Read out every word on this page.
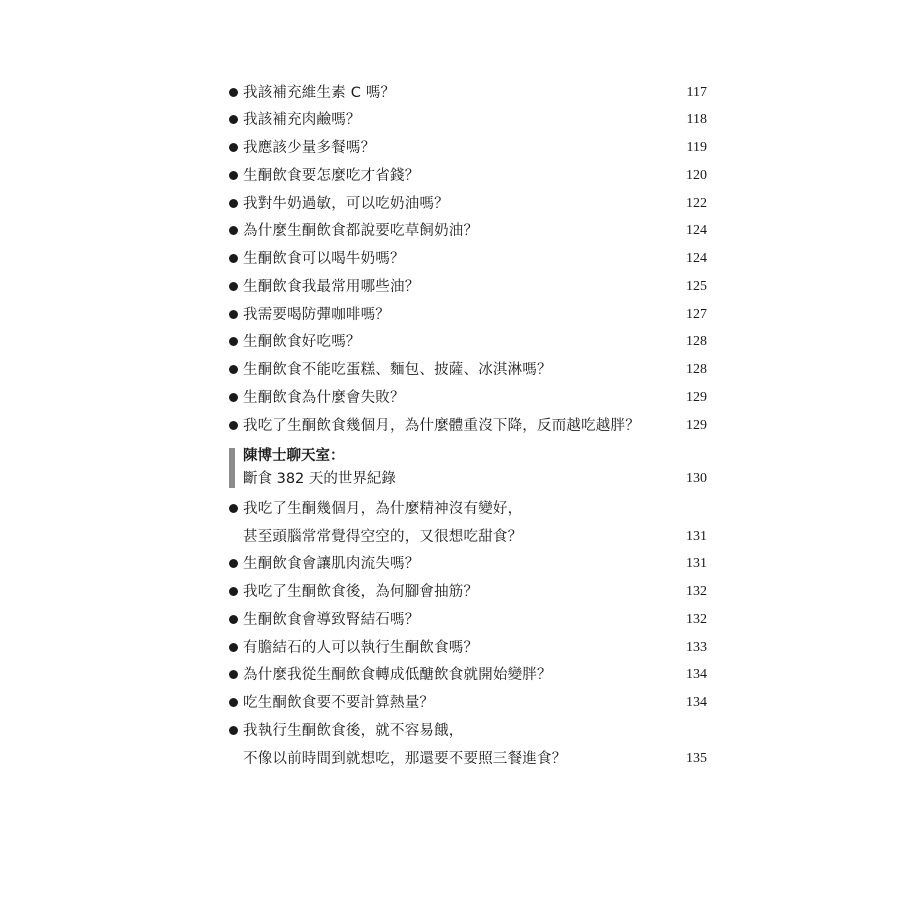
我該補充維生素 C 嗎？	117
我該補充肉鹼嗎？	118
我應該少量多餐嗎？	119
生酮飲食要怎麼吃才省錢？	120
我對牛奶過敏，可以吃奶油嗎？	122
為什麼生酮飲食都說要吃草飼奶油？	124
生酮飲食可以喝牛奶嗎？	124
生酮飲食我最常用哪些油？	125
我需要喝防彈咖啡嗎？	127
生酮飲食好吃嗎？	128
生酮飲食不能吃蛋糕、麵包、披薩、冰淇淋嗎？	128
生酮飲食為什麼會失敗？	129
我吃了生酮飲食幾個月，為什麼體重沒下降，反而越吃越胖？	129
陳博士聊天室：
斷食 382 天的世界紀錄	130
我吃了生酮幾個月，為什麼精神沒有變好，
甚至頭腦常常覺得空空的，又很想吃甜食？	131
生酮飲食會讓肌肉流失嗎？	131
我吃了生酮飲食後，為何腳會抽筋？	132
生酮飲食會導致腎結石嗎？	132
有膽結石的人可以執行生酮飲食嗎？	133
為什麼我從生酮飲食轉成低醣飲食就開始變胖？	134
吃生酮飲食要不要計算熱量？	134
我執行生酮飲食後，就不容易餓，
不像以前時間到就想吃，那還要不要照三餐進食？	135
